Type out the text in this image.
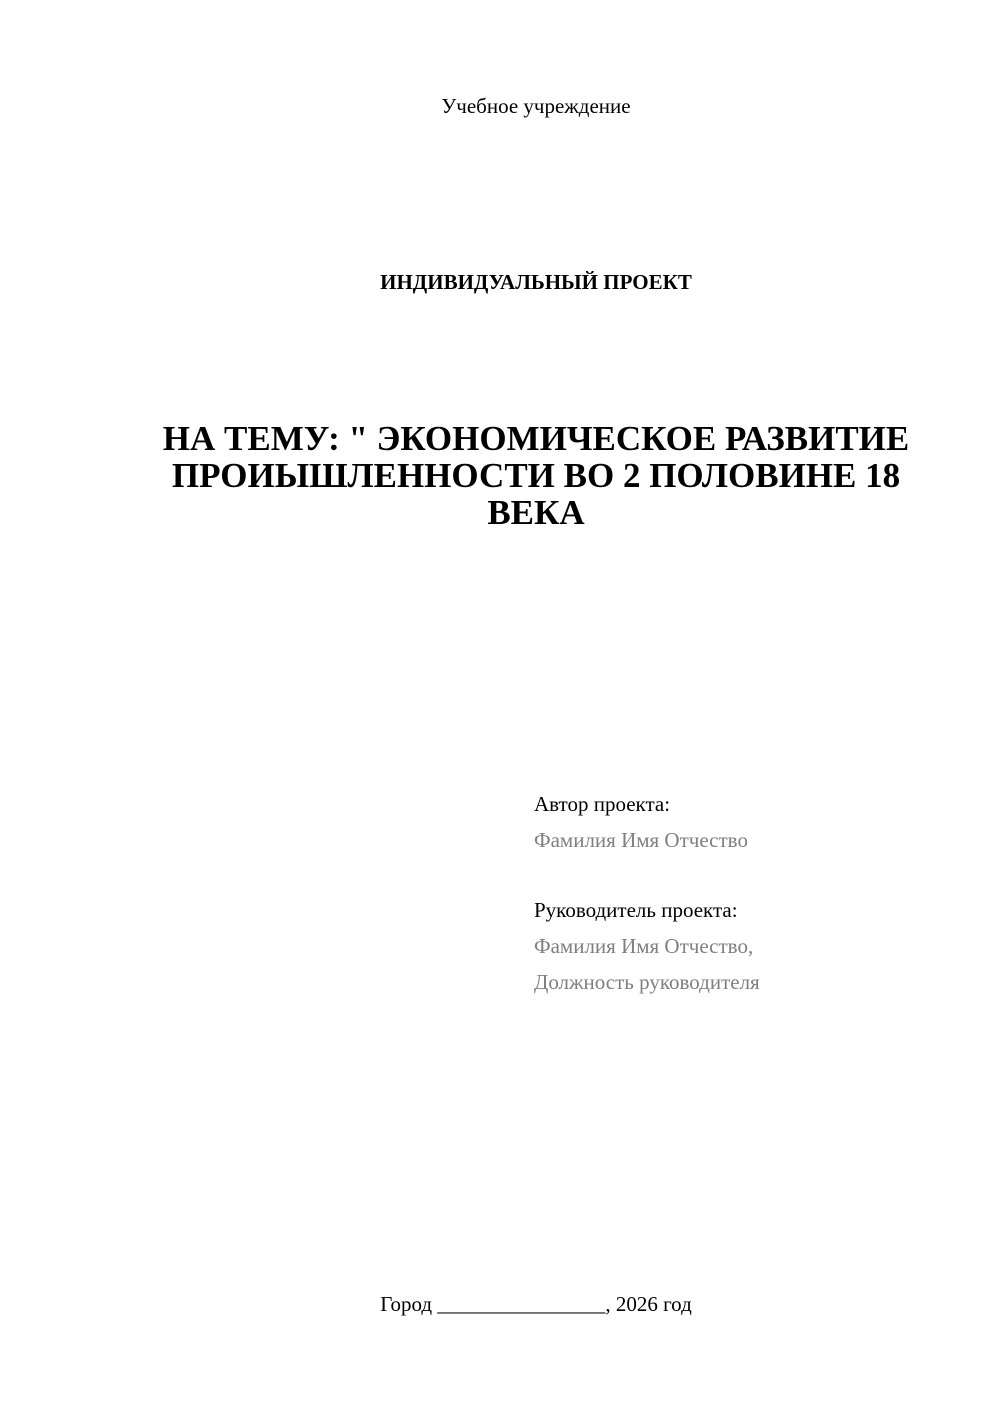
Учебное учреждение
ИНДИВИДУАЛЬНЫЙ ПРОЕКТ
НА ТЕМУ: " ЭКОНОМИЧЕСКОЕ РАЗВИТИЕ ПРОИЫШЛЕННОСТИ ВО 2 ПОЛОВИНЕ 18 ВЕКА
Автор проекта:
Фамилия Имя Отчество
Руководитель проекта:
Фамилия Имя Отчество,
Должность руководителя
Город ________________, 2026 год
